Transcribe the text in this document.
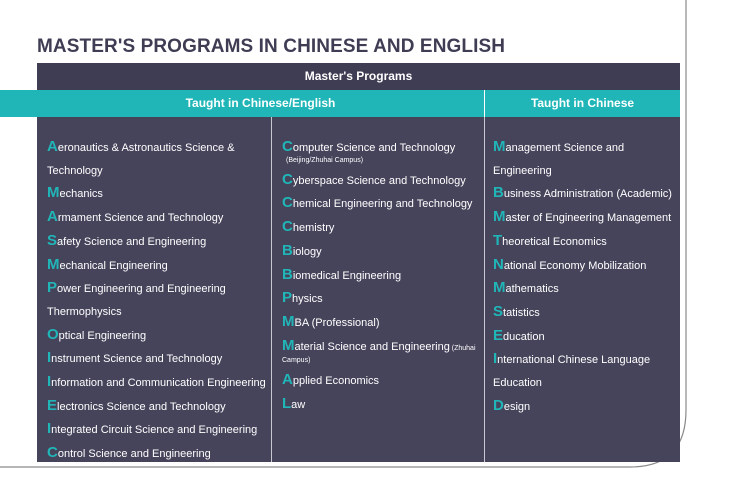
MASTER'S PROGRAMS IN CHINESE AND ENGLISH
Master's Programs
Taught in Chinese/English	Taught in Chinese
Aeronautics & Astronautics Science &
Technology
Mechanics
Armament Science and Technology
Safety Science and Engineering
Mechanical Engineering
Power Engineering and Engineering
Thermophysics
Optical Engineering
Instrument Science and Technology
Information and Communication Engineering
Electronics Science and Technology
Integrated Circuit Science and Engineering
Control Science and Engineering
Computer Science and Technology
(Beijing/Zhuhai Campus)
Cyberspace Science and Technology
Chemical Engineering and Technology
Chemistry
Biology
Biomedical Engineering
Physics
MBA (Professional)
Material Science and Engineering (Zhuhai
Campus)
Applied Economics
Law
Management Science and
Engineering
Business Administration (Academic)
Master of Engineering Management
Theoretical Economics
National Economy Mobilization
Mathematics
Statistics
Education
International Chinese Language
Education
Design
